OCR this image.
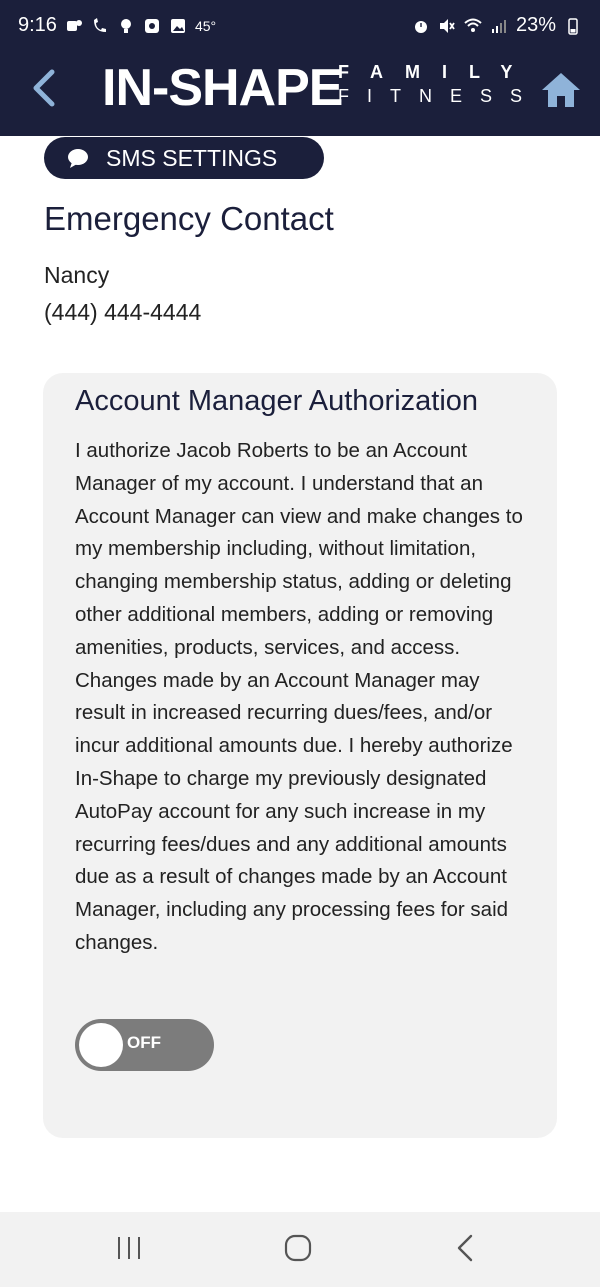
9:16	45°	23%
IN-SHAPE
FAMILY
FITNESS
SMS SETTINGS
Emergency Contact
Nancy
(444) 444-4444
Account Manager Authorization
I authorize Jacob Roberts to be an Account Manager of my account. I understand that an Account Manager can view and make changes to my membership including, without limitation, changing membership status, adding or deleting other additional members, adding or removing amenities, products, services, and access. Changes made by an Account Manager may result in increased recurring dues/fees, and/or incur additional amounts due. I hereby authorize In-Shape to charge my previously designated AutoPay account for any such increase in my recurring fees/dues and any additional amounts due as a result of changes made by an Account Manager, including any processing fees for said changes.
OFF
